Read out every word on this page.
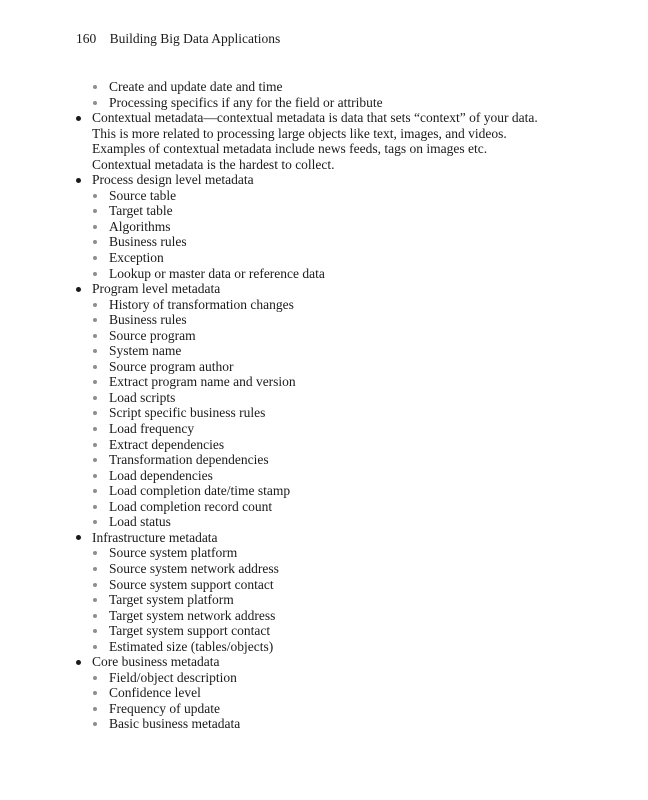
160 Building Big Data Applications
Create and update date and time
Processing specifics if any for the field or attribute
Contextual metadata—contextual metadata is data that sets “context” of your data.
This is more related to processing large objects like text, images, and videos.
Examples of contextual metadata include news feeds, tags on images etc.
Contextual metadata is the hardest to collect.
Process design level metadata
Source table
Target table
Algorithms
Business rules
Exception
Lookup or master data or reference data
Program level metadata
History of transformation changes
Business rules
Source program
System name
Source program author
Extract program name and version
Load scripts
Script specific business rules
Load frequency
Extract dependencies
Transformation dependencies
Load dependencies
Load completion date/time stamp
Load completion record count
Load status
Infrastructure metadata
Source system platform
Source system network address
Source system support contact
Target system platform
Target system network address
Target system support contact
Estimated size (tables/objects)
Core business metadata
Field/object description
Confidence level
Frequency of update
Basic business metadata
